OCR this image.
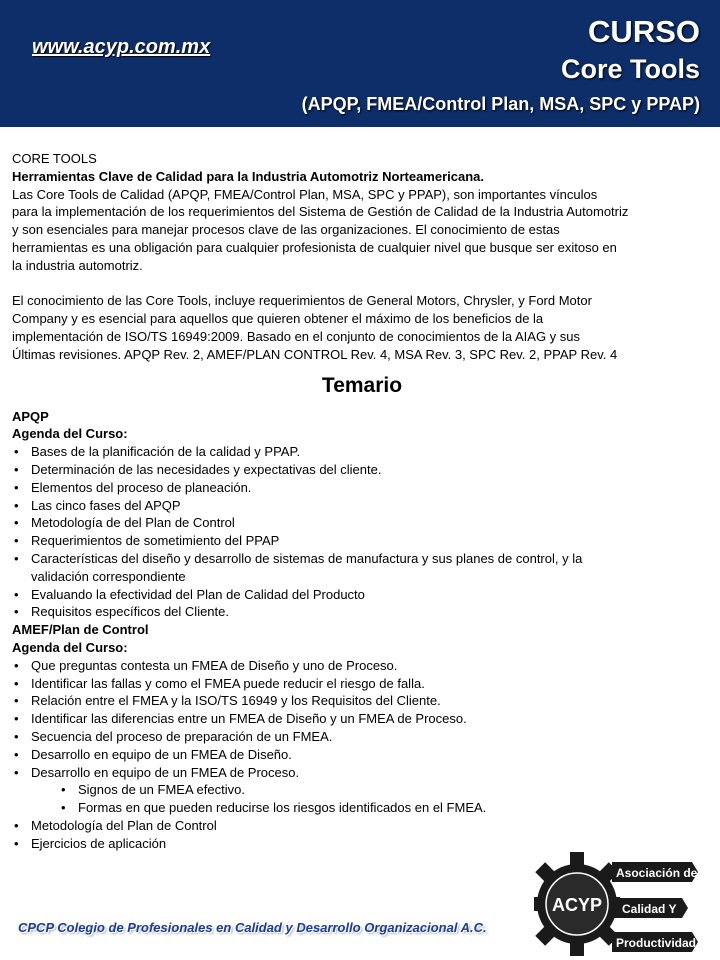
www.acyp.com.mx	CURSO
Core Tools
(APQP, FMEA/Control Plan, MSA, SPC y PPAP)
CORE TOOLS
Herramientas Clave de Calidad para la Industria Automotriz Norteamericana.
Las Core Tools de Calidad (APQP, FMEA/Control Plan, MSA, SPC y PPAP), son importantes vínculos
para la implementación de los requerimientos del Sistema de Gestión de Calidad de la Industria Automotriz
y son esenciales para manejar procesos clave de las organizaciones. El conocimiento de estas
herramientas es una obligación para cualquier profesionista de cualquier nivel que busque ser exitoso en
la industria automotriz.
El conocimiento de las Core Tools, incluye requerimientos de General Motors, Chrysler, y Ford Motor
Company y es esencial para aquellos que quieren obtener el máximo de los beneficios de la
implementación de ISO/TS 16949:2009. Basado en el conjunto de conocimientos de la AIAG y sus
Últimas revisiones. APQP Rev. 2, AMEF/PLAN CONTROL Rev. 4, MSA Rev. 3, SPC Rev. 2, PPAP Rev. 4
Temario
APQP
Agenda del Curso:
• Bases de la planificación de la calidad y PPAP.
• Determinación de las necesidades y expectativas del cliente.
• Elementos del proceso de planeación.
• Las cinco fases del APQP
• Metodología de del Plan de Control
• Requerimientos de sometimiento del PPAP
• Características del diseño y desarrollo de sistemas de manufactura y sus planes de control, y la
validación correspondiente
• Evaluando la efectividad del Plan de Calidad del Producto
• Requisitos específicos del Cliente.
AMEF/Plan de Control
Agenda del Curso:
• Que preguntas contesta un FMEA de Diseño y uno de Proceso.
• Identificar las fallas y como el FMEA puede reducir el riesgo de falla.
• Relación entre el FMEA y la ISO/TS 16949 y los Requisitos del Cliente.
• Identificar las diferencias entre un FMEA de Diseño y un FMEA de Proceso.
• Secuencia del proceso de preparación de un FMEA.
• Desarrollo en equipo de un FMEA de Diseño.
• Desarrollo en equipo de un FMEA de Proceso.
• Signos de un FMEA efectivo.
• Formas en que pueden reducirse los riesgos identificados en el FMEA.
• Metodología del Plan de Control
• Ejercicios de aplicación
CPCP Colegio de Profesionales en Calidad y Desarrollo Organizacional A.C.
ACYP
Asociación de
Calidad Y
Productividad
